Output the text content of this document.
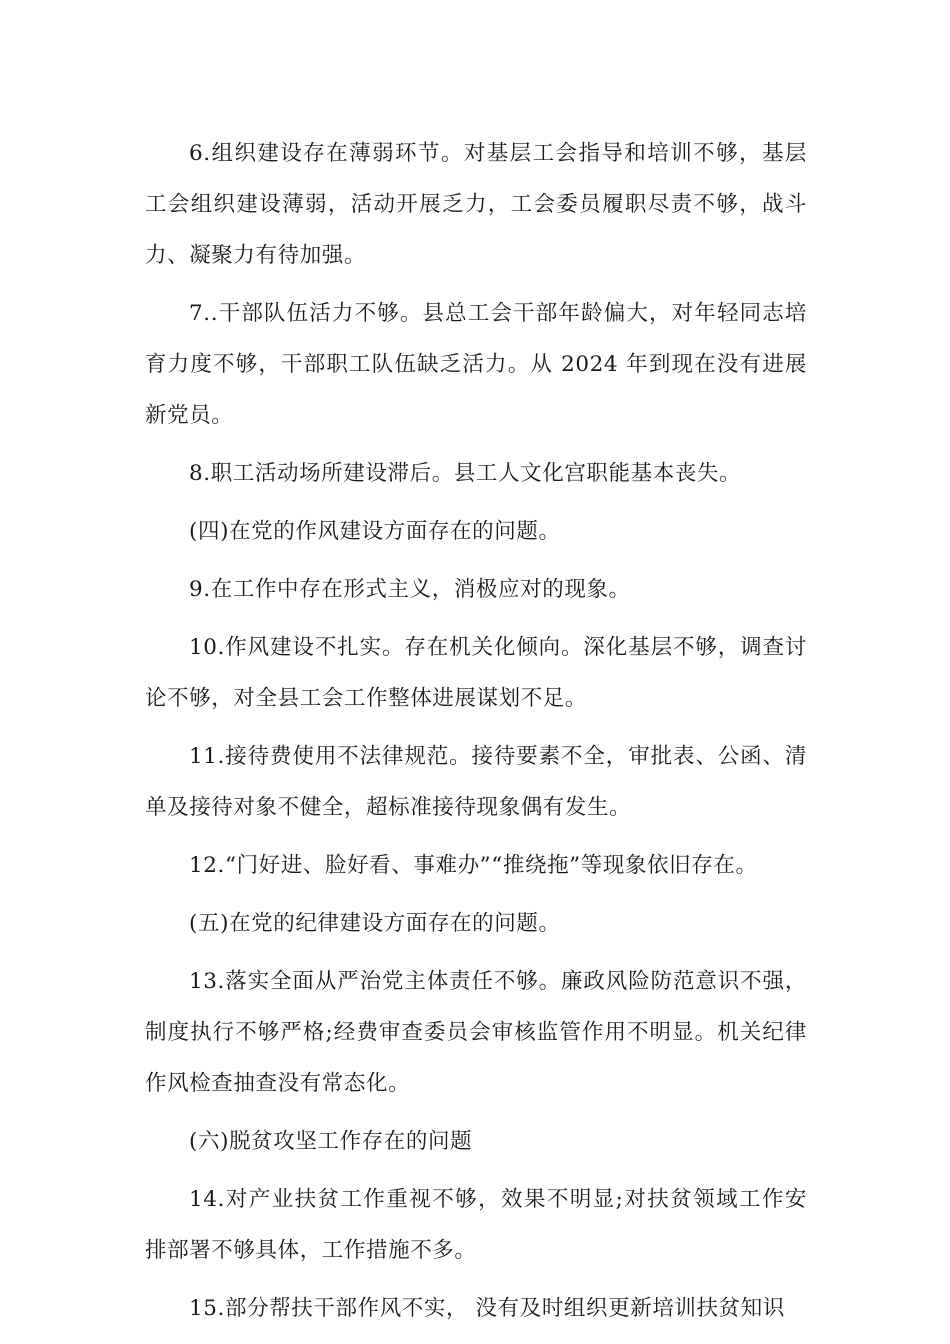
6.组织建设存在薄弱环节。对基层工会指导和培训不够，基层工会组织建设薄弱，活动开展乏力，工会委员履职尽责不够，战斗力、凝聚力有待加强。

7..干部队伍活力不够。县总工会干部年龄偏大，对年轻同志培育力度不够，干部职工队伍缺乏活力。从 2024 年到现在没有进展新党员。

8.职工活动场所建设滞后。县工人文化宫职能基本丧失。

(四)在党的作风建设方面存在的问题。

9.在工作中存在形式主义，消极应对的现象。

10.作风建设不扎实。存在机关化倾向。深化基层不够，调查讨论不够，对全县工会工作整体进展谋划不足。

11.接待费使用不法律规范。接待要素不全，审批表、公函、清单及接待对象不健全，超标准接待现象偶有发生。

12.“门好进、脸好看、事难办”“推绕拖”等现象依旧存在。

(五)在党的纪律建设方面存在的问题。

13.落实全面从严治党主体责任不够。廉政风险防范意识不强，制度执行不够严格;经费审查委员会审核监管作用不明显。机关纪律作风检查抽查没有常态化。

(六)脱贫攻坚工作存在的问题

14.对产业扶贫工作重视不够，效果不明显;对扶贫领域工作安排部署不够具体，工作措施不多。

15.部分帮扶干部作风不实， 没有及时组织更新培训扶贫知识
